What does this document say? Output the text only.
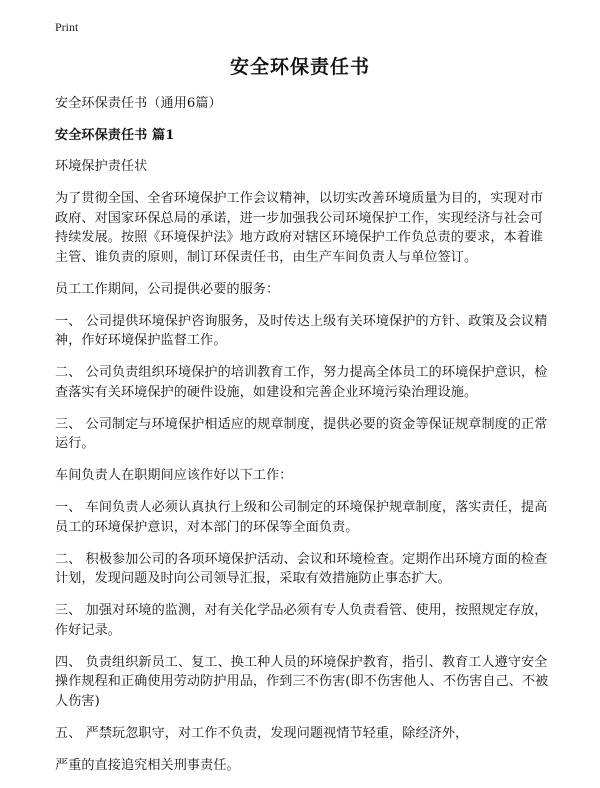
Print
安全环保责任书

安全环保责任书（通用6篇）

安全环保责任书 篇1

环境保护责任状

为了贯彻全国、全省环境保护工作会议精神，以切实改善环境质量为目的，实现对市政府、对国家环保总局的承诺，进一步加强我公司环境保护工作，实现经济与社会可持续发展。按照《环境保护法》地方政府对辖区环境保护工作负总责的要求，本着谁主管、谁负责的原则，制订环保责任书，由生产车间负责人与单位签订。

员工工作期间，公司提供必要的服务：

一、 公司提供环境保护咨询服务，及时传达上级有关环境保护的方针、政策及会议精神，作好环境保护监督工作。

二、 公司负责组织环境保护的培训教育工作，努力提高全体员工的环境保护意识，检查落实有关环境保护的硬件设施，如建设和完善企业环境污染治理设施。

三、 公司制定与环境保护相适应的规章制度，提供必要的资金等保证规章制度的正常运行。

车间负责人在职期间应该作好以下工作：

一、 车间负责人必须认真执行上级和公司制定的环境保护规章制度，落实责任，提高员工的环境保护意识，对本部门的环保等全面负责。

二、 积极参加公司的各项环境保护活动、会议和环境检查。定期作出环境方面的检查计划，发现问题及时向公司领导汇报，采取有效措施防止事态扩大。

三、 加强对环境的监测，对有关化学品必须有专人负责看管、使用，按照规定存放，作好记录。

四、 负责组织新员工、复工、换工种人员的环境保护教育，指引、教育工人遵守安全操作规程和正确使用劳动防护用品，作到三不伤害(即不伤害他人、不伤害自己、不被人伤害)

五、 严禁玩忽职守，对工作不负责，发现问题视情节轻重，除经济外，

严重的直接追究相关刑事责任。
